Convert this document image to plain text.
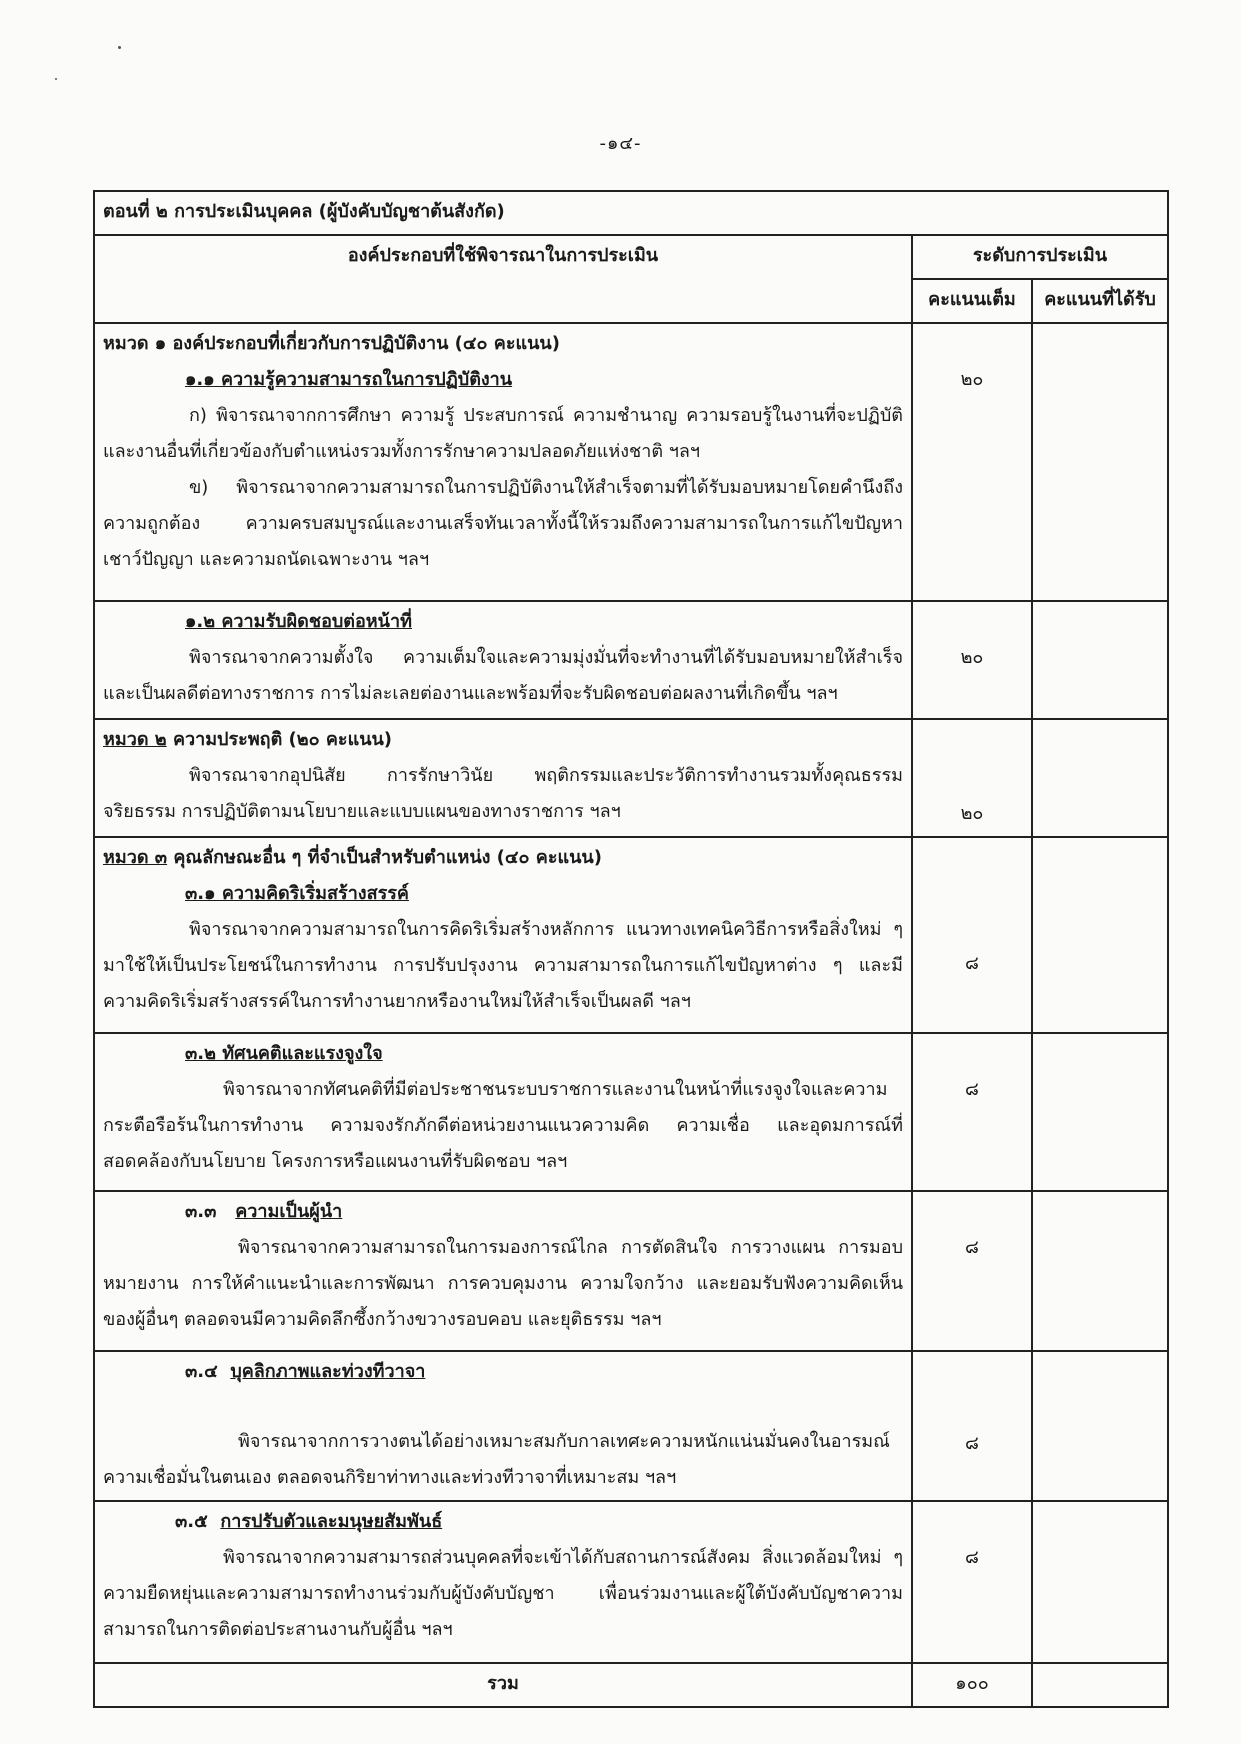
-๑๔-
ตอนที่ ๒ การประเมินบุคคล (ผู้บังคับบัญชาต้นสังกัด)		
องค์ประกอบที่ใช้พิจารณาในการประเมิน	ระดับการประเมิน	
	คะแนนเต็ม	คะแนนที่ได้รับ

หมวด ๑ องค์ประกอบที่เกี่ยวกับการปฏิบัติงาน (๔๐ คะแนน)
๑.๑ ความรู้ความสามารถในการปฏิบัติงาน
ก) พิจารณาจากการศึกษา ความรู้ ประสบการณ์ ความชำนาญ ความรอบรู้ในงานที่จะปฏิบัติและงานอื่นที่เกี่ยวข้องกับตำแหน่งรวมทั้งการรักษาความปลอดภัยแห่งชาติ ฯลฯ
ข) พิจารณาจากความสามารถในการปฏิบัติงานให้สำเร็จตามที่ได้รับมอบหมายโดยคำนึงถึงความถูกต้อง ความครบสมบูรณ์และงานเสร็จทันเวลาทั้งนี้ให้รวมถึงความสามารถในการแก้ไขปัญหา เชาว์ปัญญา และความถนัดเฉพาะงาน ฯลฯ	๒๐	

๑.๒ ความรับผิดชอบต่อหน้าที่
พิจารณาจากความตั้งใจ ความเต็มใจและความมุ่งมั่นที่จะทำงานที่ได้รับมอบหมายให้สำเร็จและเป็นผลดีต่อทางราชการ การไม่ละเลยต่องานและพร้อมที่จะรับผิดชอบต่อผลงานที่เกิดขึ้น ฯลฯ	๒๐	

หมวด ๒ ความประพฤติ (๒๐ คะแนน)
พิจารณาจากอุปนิสัย การรักษาวินัย พฤติกรรมและประวัติการทำงานรวมทั้งคุณธรรมจริยธรรม การปฏิบัติตามนโยบายและแบบแผนของทางราชการ ฯลฯ	๒๐	

หมวด ๓ คุณลักษณะอื่น ๆ ที่จำเป็นสำหรับตำแหน่ง (๔๐ คะแนน)
๓.๑ ความคิดริเริ่มสร้างสรรค์
พิจารณาจากความสามารถในการคิดริเริ่มสร้างหลักการ แนวทางเทคนิควิธีการหรือสิ่งใหม่ ๆ มาใช้ให้เป็นประโยชน์ในการทำงาน การปรับปรุงงาน ความสามารถในการแก้ไขปัญหาต่าง ๆ และมีความคิดริเริ่มสร้างสรรค์ในการทำงานยากหรืองานใหม่ให้สำเร็จเป็นผลดี ฯลฯ	๘	

๓.๒ ทัศนคติและแรงจูงใจ
พิจารณาจากทัศนคติที่มีต่อประชาชนระบบราชการและงานในหน้าที่แรงจูงใจและความกระตือรือร้นในการทำงาน ความจงรักภักดีต่อหน่วยงานแนวความคิด ความเชื่อ และอุดมการณ์ที่สอดคล้องกับนโยบาย โครงการหรือแผนงานที่รับผิดชอบ ฯลฯ	๘	

๓.๓ ความเป็นผู้นำ
พิจารณาจากความสามารถในการมองการณ์ไกล การตัดสินใจ การวางแผน การมอบหมายงาน การให้คำแนะนำและการพัฒนา การควบคุมงาน ความใจกว้าง และยอมรับฟังความคิดเห็นของผู้อื่นๆ ตลอดจนมีความคิดลึกซึ้งกว้างขวางรอบคอบ และยุติธรรม ฯลฯ	๘	

๓.๔ บุคลิกภาพและท่วงทีวาจา
พิจารณาจากการวางตนได้อย่างเหมาะสมกับกาลเทศะความหนักแน่นมั่นคงในอารมณ์ ความเชื่อมั่นในตนเอง ตลอดจนกิริยาท่าทางและท่วงทีวาจาที่เหมาะสม ฯลฯ	๘	

๓.๕ การปรับตัวและมนุษยสัมพันธ์
พิจารณาจากความสามารถส่วนบุคคลที่จะเข้าได้กับสถานการณ์สังคม สิ่งแวดล้อมใหม่ ๆ ความยืดหยุ่นและความสามารถทำงานร่วมกับผู้บังคับบัญชา เพื่อนร่วมงานและผู้ใต้บังคับบัญชาความสามารถในการติดต่อประสานงานกับผู้อื่น ฯลฯ	๘	

รวม	๑๐๐	
